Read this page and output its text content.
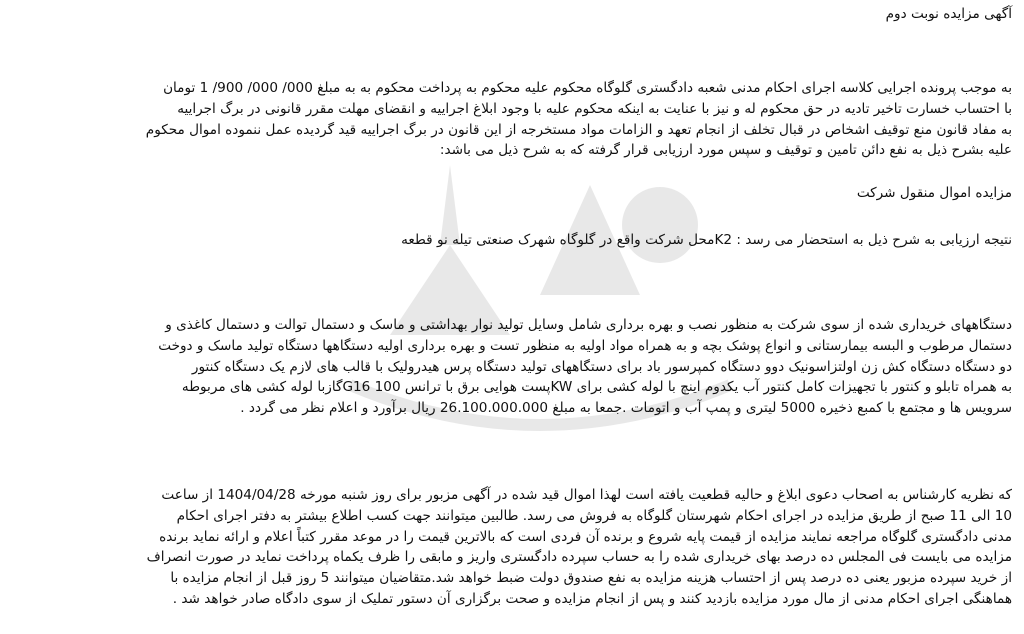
آگهی مزایده نوبت دوم

به موجب پرونده اجرایی کلاسه اجرای احکام مدنی شعبه دادگستری گلوگاه محکوم علیه محکوم به پرداخت محکوم به به مبلغ 000/ 000/ 900/ 1 تومان
با احتساب خسارت تاخیر تادیه در حق محکوم له و نیز با عنایت به اینکه محکوم علیه با وجود ابلاغ اجراییه و انقضای مهلت مقرر قانونی در برگ اجراییه
به مفاد قانون منع توقیف اشخاص در قبال تخلف از انجام تعهد و الزامات مواد مستخرجه از این قانون در برگ اجراییه قید گردیده عمل ننموده اموال محکوم
علیه بشرح ذیل به نفع دائن تامین و توقیف و سپس مورد ارزیابی قرار گرفته که به شرح ذیل می باشد:

مزایده اموال منقول شرکت

نتیجه ارزیابی به شرح ذیل به استحضار می رسد : K2محل شرکت واقع در گلوگاه شهرک صنعتی تیله نو قطعه

دستگاههای خریداری شده از سوی شرکت به منظور نصب و بهره برداری شامل وسایل تولید نوار بهداشتی و ماسک و دستمال توالت و دستمال کاغذی و
دستمال مرطوب و البسه بیمارستانی و انواع پوشک بچه و به همراه مواد اولیه به منظور تست و بهره برداری اولیه دستگاهها دستگاه تولید ماسک و دوخت
دو دستگاه دستگاه کش زن اولتزاسونیک دوو دستگاه کمپرسور باد برای دستگاههای تولید دستگاه پرس هیدرولیک با قالب های لازم یک دستگاه کنتور
به همراه تابلو و کنتور با تجهیزات کامل کنتور آب یکدوم اینچ با لوله کشی برای KWپست هوایی برق با ترانس 100 G16گازبا لوله کشی های مربوطه
سرویس ها و مجتمع با کمبع ذخیره 5000 لیتری و پمپ آب و اتومات .جمعا به مبلغ 26.100.000.000 ریال برآورد و اعلام نظر می گردد .

که نظریه کارشناس به اصحاب دعوی ابلاغ و حالیه قطعیت یافته است لهذا اموال قید شده در آگهی مزبور برای روز شنبه مورخه 1404/04/28 از ساعت
10 الی 11 صبح از طریق مزایده در اجرای احکام شهرستان گلوگاه به فروش می رسد. طالبین میتوانند جهت کسب اطلاع بیشتر به دفتر اجرای احکام
مدنی دادگستری گلوگاه مراجعه نمایند مزایده از قیمت پایه شروع و برنده آن فردی است که بالاترین قیمت را در موعد مقرر کتباً اعلام و ارائه نماید برنده
مزایده می بایست فی المجلس ده درصد بهای خریداری شده را به حساب سپرده دادگستری واریز و مابقی را ظرف یکماه پرداخت نماید در صورت انصراف
از خرید سپرده مزبور یعنی ده درصد پس از احتساب هزینه مزایده به نفع صندوق دولت ضبط خواهد شد.متقاضیان میتوانند 5 روز قبل از انجام مزایده با
هماهنگی اجرای احکام مدنی از مال مورد مزایده بازدید کنند و پس از انجام مزایده و صحت برگزاری آن دستور تملیک از سوی دادگاه صادر خواهد شد .
